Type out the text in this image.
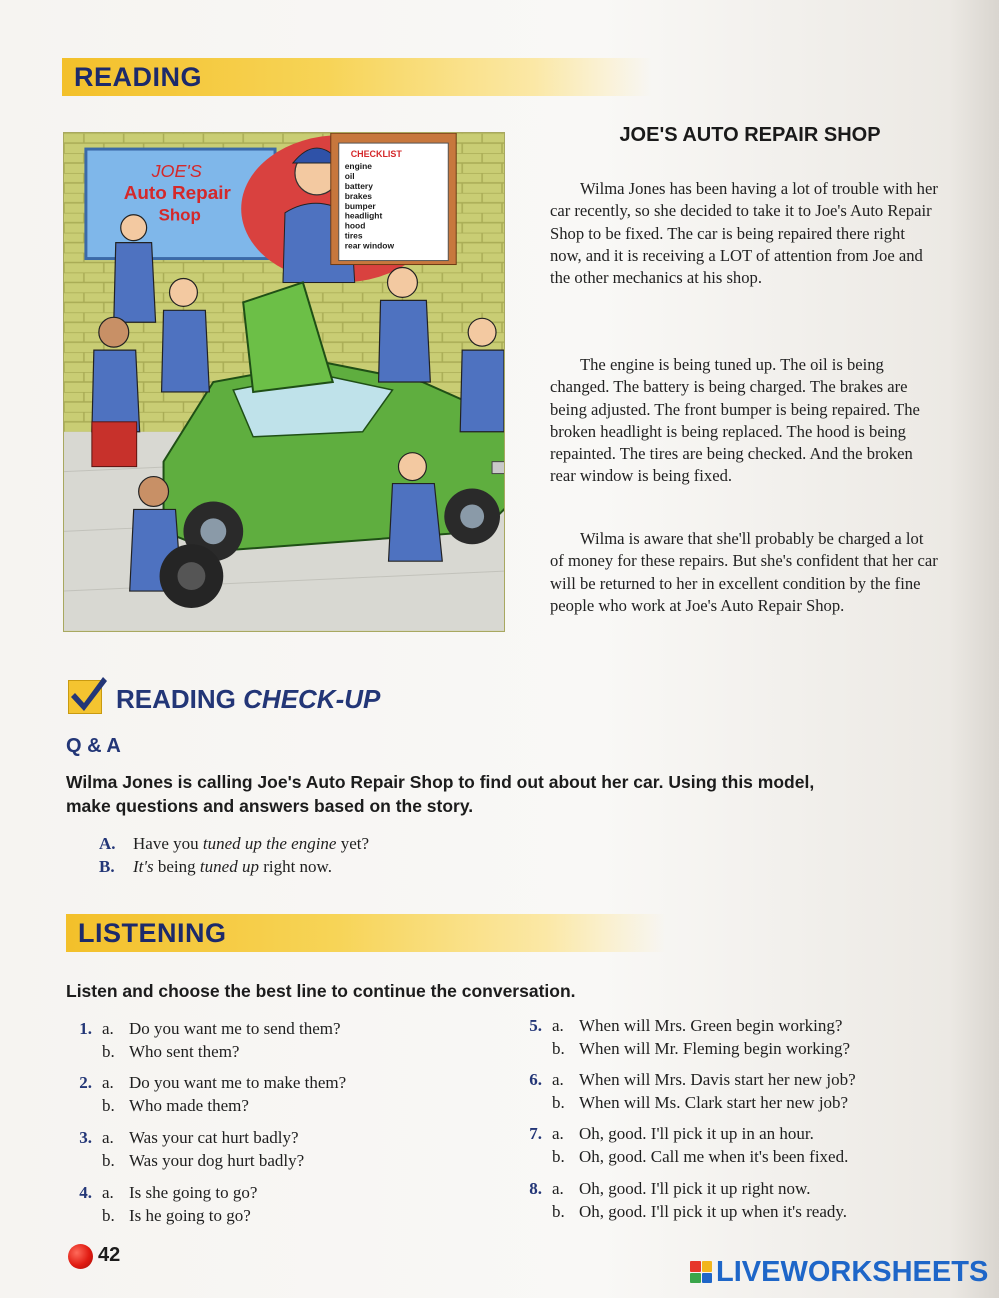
READING
JOE'S
Auto Repair
Shop
CHECKLIST
engine
oil
battery
brakes
bumper
headlight
hood
tires
rear window
JOE'S AUTO REPAIR SHOP

Wilma Jones has been having a lot of trouble with her car recently, so she decided to take it to Joe's Auto Repair Shop to be fixed. The car is being repaired there right now, and it is receiving a LOT of attention from Joe and the other mechanics at his shop.

The engine is being tuned up. The oil is being changed. The battery is being charged. The brakes are being adjusted. The front bumper is being repaired. The broken headlight is being replaced. The hood is being repainted. The tires are being checked. And the broken rear window is being fixed.

Wilma is aware that she'll probably be charged a lot of money for these repairs. But she's confident that her car will be returned to her in excellent condition by the fine people who work at Joe's Auto Repair Shop.

READING CHECK-UP
Q & A
Wilma Jones is calling Joe's Auto Repair Shop to find out about her car. Using this model,
make questions and answers based on the story.
A. Have you tuned up the engine yet?
B. It's being tuned up right now.
LISTENING
Listen and choose the best line to continue the conversation.
1. a. Do you want me to send them?
b. Who sent them?
2. a. Do you want me to make them?
b. Who made them?
3. a. Was your cat hurt badly?
b. Was your dog hurt badly?
4. a. Is she going to go?
b. Is he going to go?
5. a. When will Mrs. Green begin working?
b. When will Mr. Fleming begin working?
6. a. When will Mrs. Davis start her new job?
b. When will Ms. Clark start her new job?
7. a. Oh, good. I'll pick it up in an hour.
b. Oh, good. Call me when it's been fixed.
8. a. Oh, good. I'll pick it up right now.
b. Oh, good. I'll pick it up when it's ready.
42
LIVEWORKSHEETS
